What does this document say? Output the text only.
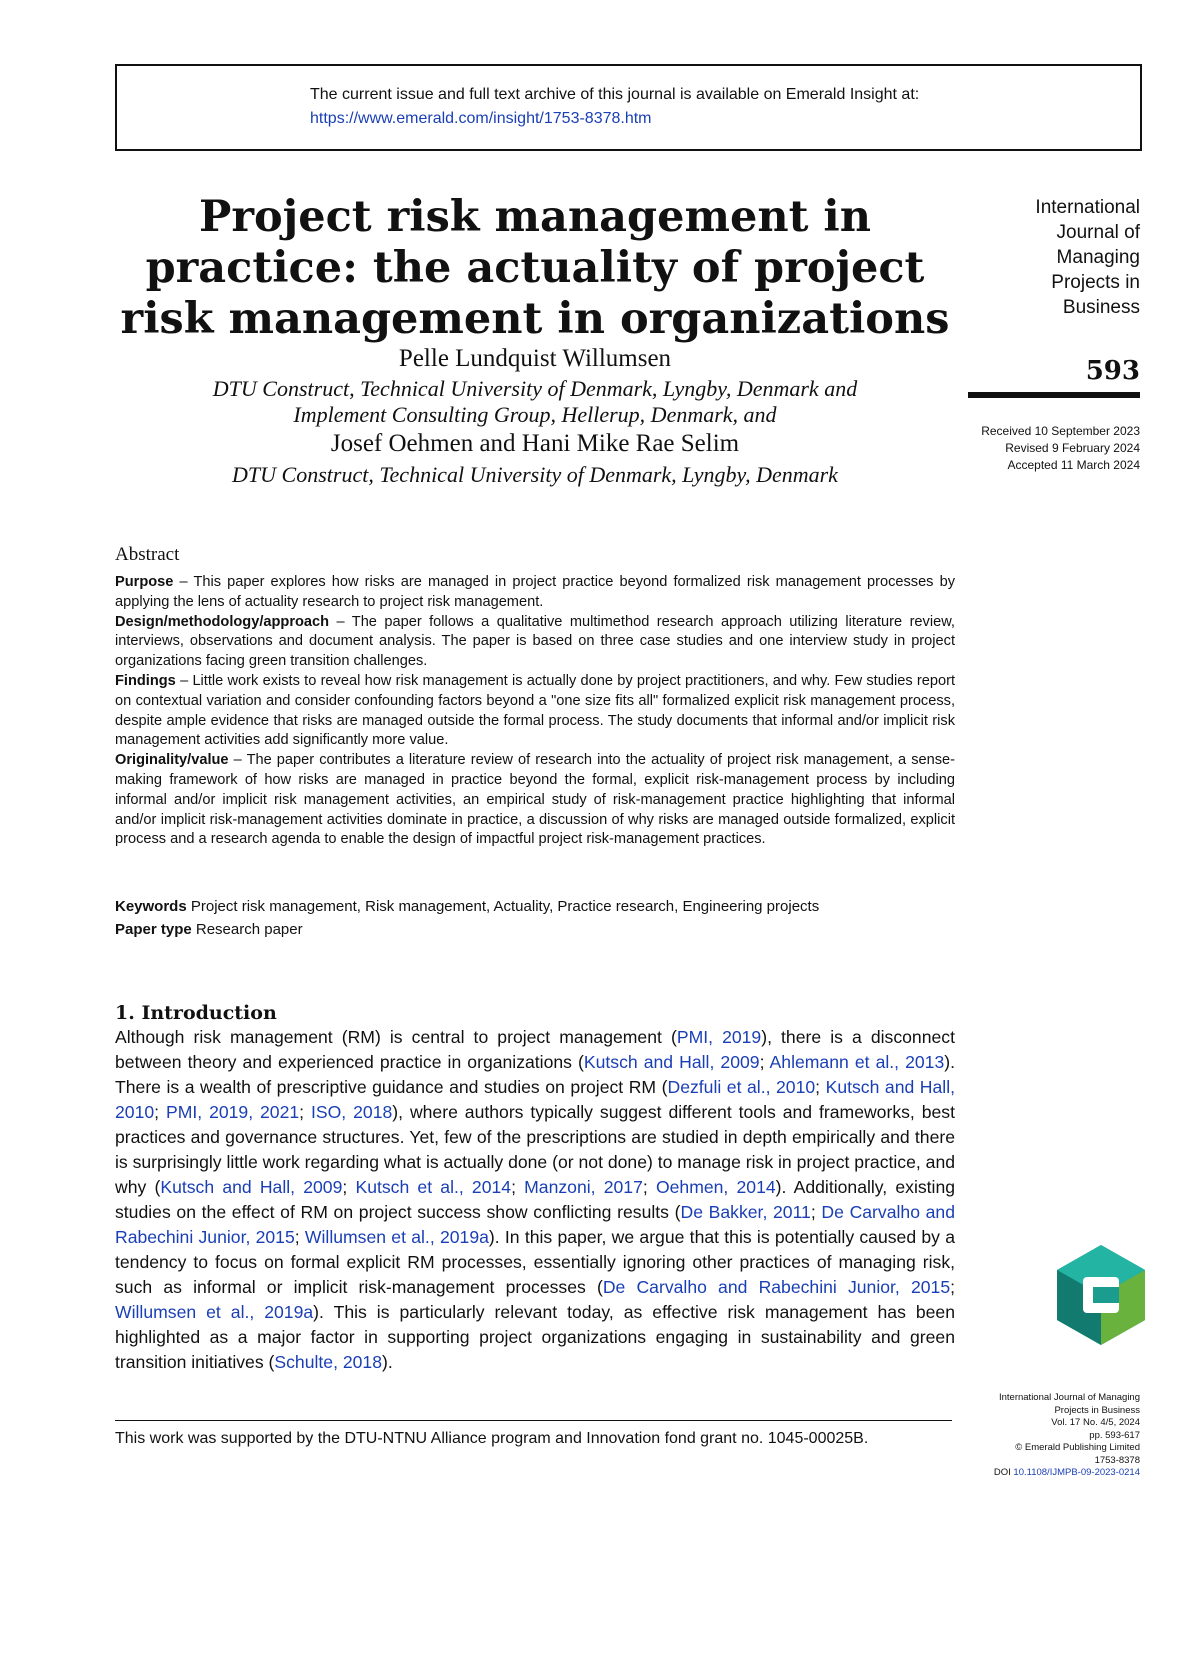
The current issue and full text archive of this journal is available on Emerald Insight at:
https://www.emerald.com/insight/1753-8378.htm
Project risk management in practice: the actuality of project risk management in organizations
Pelle Lundquist Willumsen
DTU Construct, Technical University of Denmark, Lyngby, Denmark and
Implement Consulting Group, Hellerup, Denmark, and
Josef Oehmen and Hani Mike Rae Selim
DTU Construct, Technical University of Denmark, Lyngby, Denmark
International
Journal of
Managing
Projects in
Business
593
Received 10 September 2023
Revised 9 February 2024
Accepted 11 March 2024
Abstract

Purpose – This paper explores how risks are managed in project practice beyond formalized risk management processes by applying the lens of actuality research to project risk management.

Design/methodology/approach – The paper follows a qualitative multimethod research approach utilizing literature review, interviews, observations and document analysis. The paper is based on three case studies and one interview study in project organizations facing green transition challenges.

Findings – Little work exists to reveal how risk management is actually done by project practitioners, and why. Few studies report on contextual variation and consider confounding factors beyond a "one size fits all" formalized explicit risk management process, despite ample evidence that risks are managed outside the formal process. The study documents that informal and/or implicit risk management activities add significantly more value.

Originality/value – The paper contributes a literature review of research into the actuality of project risk management, a sense-making framework of how risks are managed in practice beyond the formal, explicit risk-management process by including informal and/or implicit risk management activities, an empirical study of risk-management practice highlighting that informal and/or implicit risk-management activities dominate in practice, a discussion of why risks are managed outside formalized, explicit process and a research agenda to enable the design of impactful project risk-management practices.

Keywords Project risk management, Risk management, Actuality, Practice research, Engineering projects
Paper type Research paper
1. Introduction

Although risk management (RM) is central to project management (PMI, 2019), there is a disconnect between theory and experienced practice in organizations (Kutsch and Hall, 2009; Ahlemann et al., 2013). There is a wealth of prescriptive guidance and studies on project RM (Dezfuli et al., 2010; Kutsch and Hall, 2010; PMI, 2019, 2021; ISO, 2018), where authors typically suggest different tools and frameworks, best practices and governance structures. Yet, few of the prescriptions are studied in depth empirically and there is surprisingly little work regarding what is actually done (or not done) to manage risk in project practice, and why (Kutsch and Hall, 2009; Kutsch et al., 2014; Manzoni, 2017; Oehmen, 2014). Additionally, existing studies on the effect of RM on project success show conflicting results (De Bakker, 2011; De Carvalho and Rabechini Junior, 2015; Willumsen et al., 2019a). In this paper, we argue that this is potentially caused by a tendency to focus on formal explicit RM processes, essentially ignoring other practices of managing risk, such as informal or implicit risk-management processes (De Carvalho and Rabechini Junior, 2015; Willumsen et al., 2019a). This is particularly relevant today, as effective risk management has been highlighted as a major factor in supporting project organizations engaging in sustainability and green transition initiatives (Schulte, 2018).

This work was supported by the DTU-NTNU Alliance program and Innovation fond grant no. 1045-00025B.
International Journal of Managing
Projects in Business
Vol. 17 No. 4/5, 2024
pp. 593-617
© Emerald Publishing Limited
1753-8378
DOI 10.1108/IJMPB-09-2023-0214
